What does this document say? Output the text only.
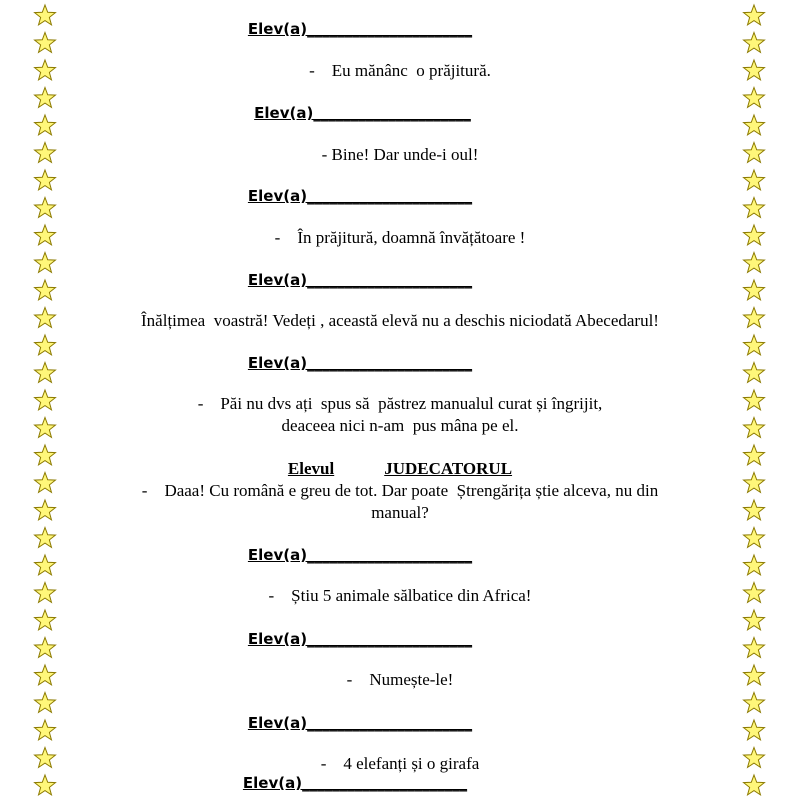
Elev(a)______________________
-    Eu mănânc  o prăjitură.
Elev(a)_____________________
- Bine! Dar unde-i oul!
Elev(a)______________________
-    În prăjitură, doamnă învățătoare !
Elev(a)______________________
Înălțimea  voastră! Vedeți , această elevă nu a deschis niciodată Abecedarul!
Elev(a)______________________
-    Păi nu dvs ați  spus să  păstrez manualul curat și îngrijit,
deaceea nici n-am  pus mâna pe el.
Elevul	JUDECATORUL
-    Daaa! Cu română e greu de tot. Dar poate  Ștrengărița știe alceva, nu din
manual?
Elev(a)______________________
-    Știu 5 animale sălbatice din Africa!
Elev(a)______________________
-    Numește-le!
Elev(a)______________________
-    4 elefanți și o girafa
Elev(a)______________________
